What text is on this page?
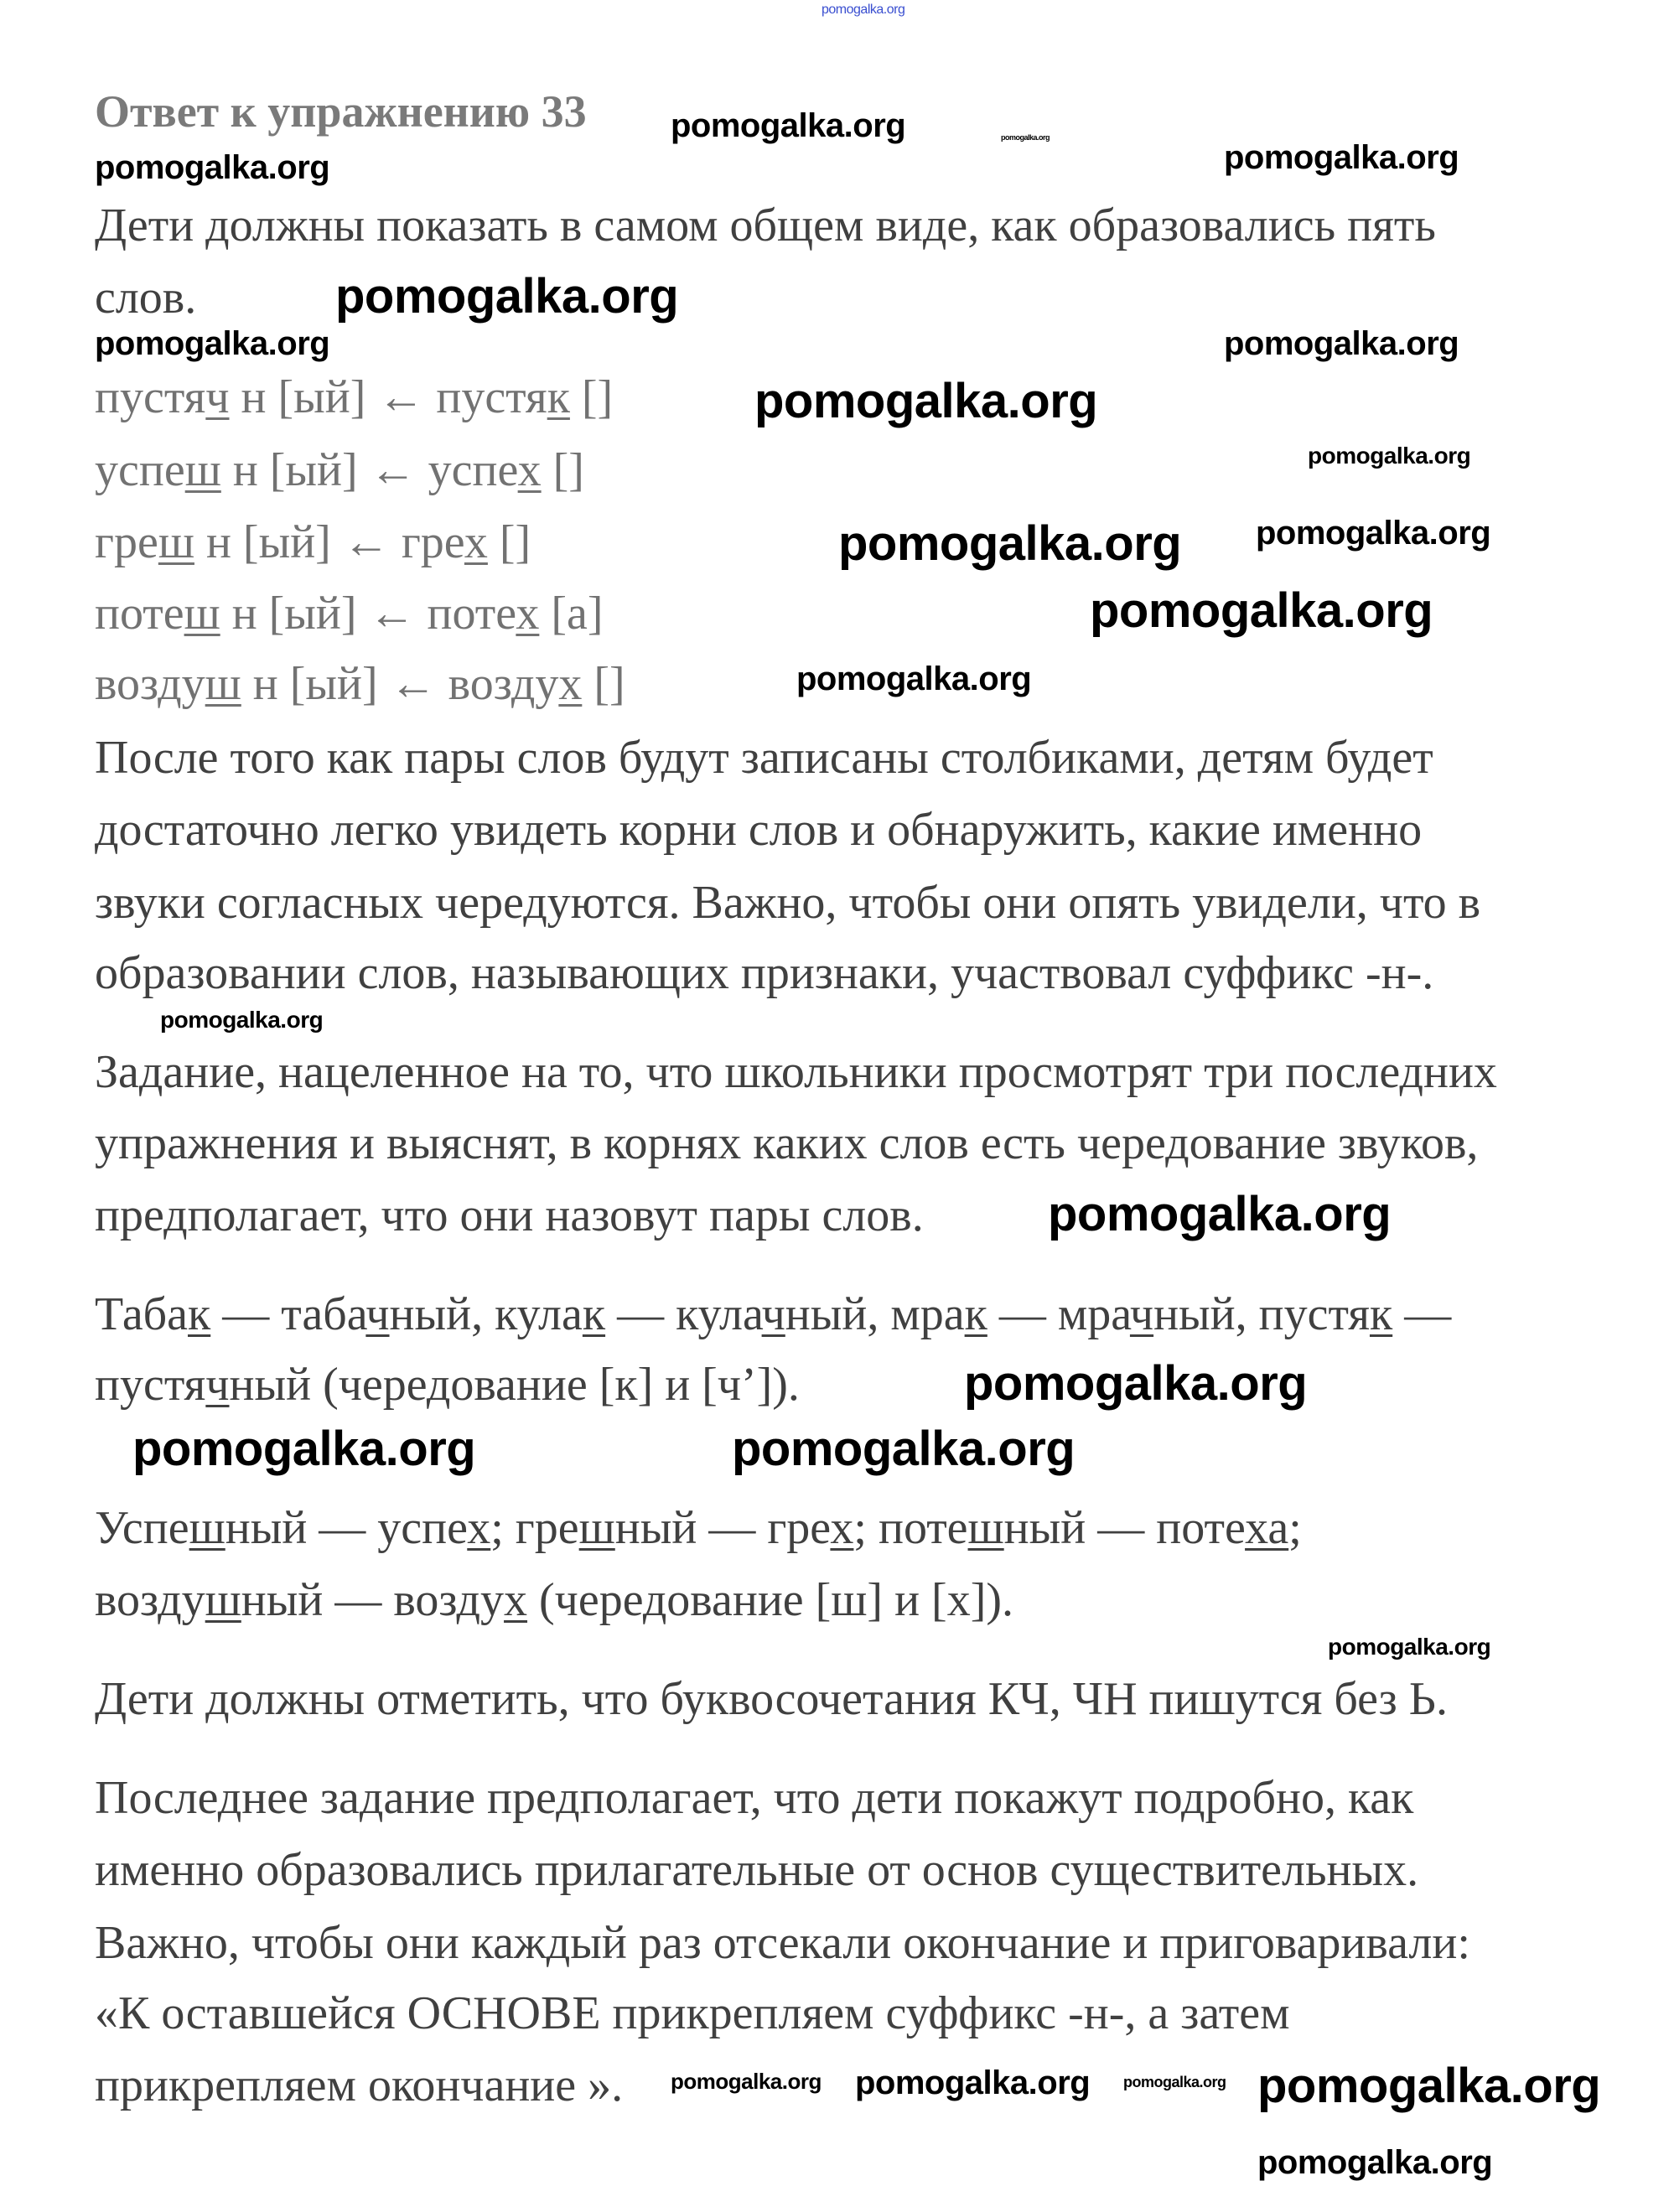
Ответ к упражнению 33
Дети должны показать в самом общем виде, как образовались пять
слов.
пустяч н [ый] ← пустяк []
успеш н [ый] ← успех []
греш н [ый] ← грех []
потеш н [ый] ← потех [а]
воздуш н [ый] ← воздух []
После того как пары слов будут записаны столбиками, детям будет
достаточно легко увидеть корни слов и обнаружить, какие именно
звуки согласных чередуются. Важно, чтобы они опять увидели, что в
образовании слов, называющих признаки, участвовал суффикс -н-.
Задание, нацеленное на то, что школьники просмотрят три последних
упражнения и выяснят, в корнях каких слов есть чередование звуков,
предполагает, что они назовут пары слов.
Табак — табачный, кулак — кулачный, мрак — мрачный, пустяк —
пустячный (чередование [к] и [ч’]).
Успешный — успех; грешный — грех; потешный — потеха;
воздушный — воздух (чередование [ш] и [х]).
Дети должны отметить, что буквосочетания КЧ, ЧН пишутся без Ь.
Последнее задание предполагает, что дети покажут подробно, как
именно образовались прилагательные от основ существительных.
Важно, чтобы они каждый раз отсекали окончание и приговаривали:
«К оставшейся ОСНОВЕ прикрепляем суффикс -н-, а затем
прикрепляем окончание ».
pomogalka.org
pomogalka.org	pomogalka.org
pomogalka.org	pomogalka.org
pomogalka.org	pomogalka.org
pomogalka.org
pomogalka.org
pomogalka.org
pomogalka.org
pomogalka.org
pomogalka.org
pomogalka.org
pomogalka.org
pomogalka.org
pomogalka.org
pomogalka.org
pomogalka.org	pomogalka.org
pomogalka.org pomogalka.org pomogalka.org pomogalka.org
pomogalka.org
